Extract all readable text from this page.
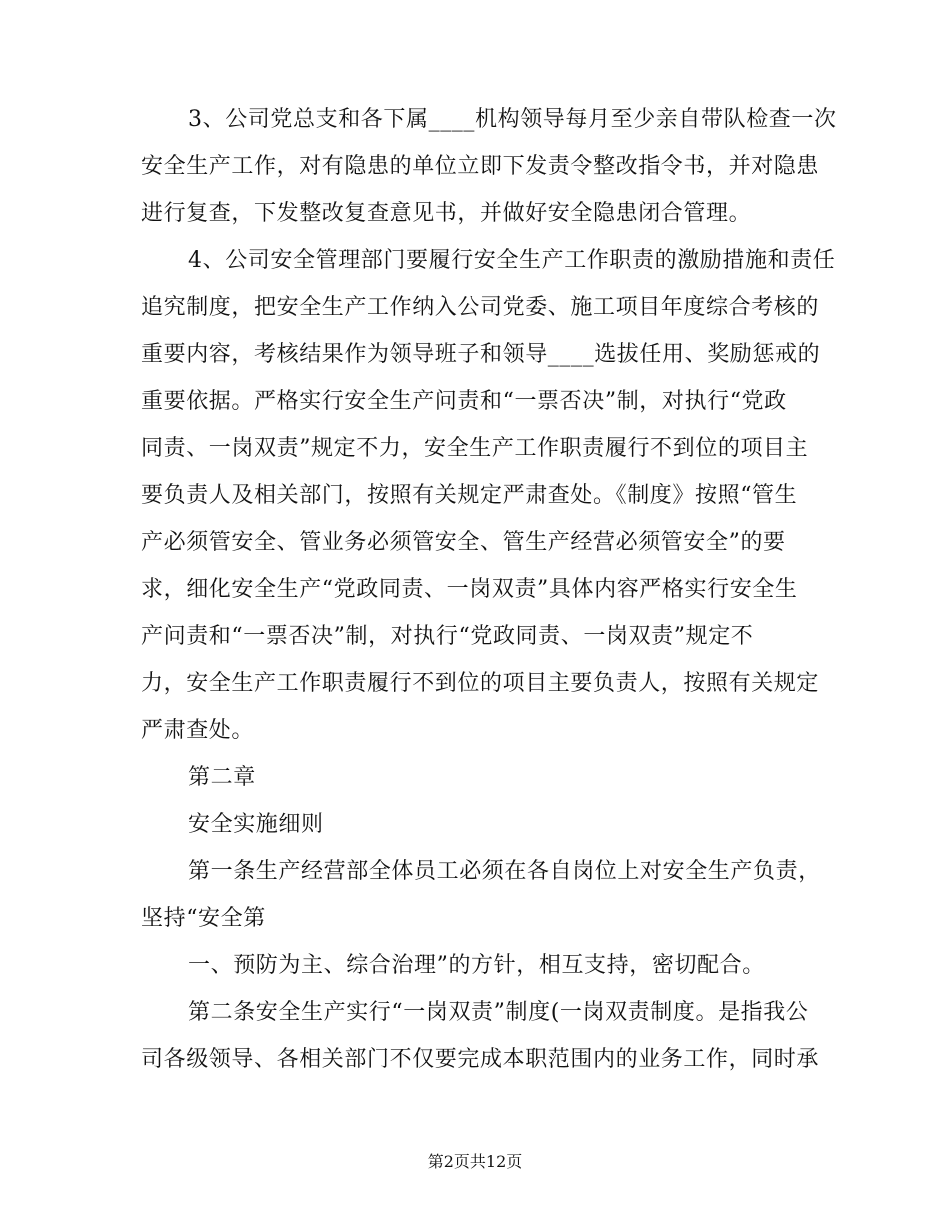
3、公司党总支和各下属____机构领导每月至少亲自带队检查一次
安全生产工作，对有隐患的单位立即下发责令整改指令书，并对隐患
进行复查，下发整改复查意见书，并做好安全隐患闭合管理。
4、公司安全管理部门要履行安全生产工作职责的激励措施和责任
追究制度，把安全生产工作纳入公司党委、施工项目年度综合考核的
重要内容，考核结果作为领导班子和领导____选拔任用、奖励惩戒的
重要依据。严格实行安全生产问责和“一票否决”制，对执行“党政
同责、一岗双责”规定不力，安全生产工作职责履行不到位的项目主
要负责人及相关部门，按照有关规定严肃查处。《制度》按照“管生
产必须管安全、管业务必须管安全、管生产经营必须管安全”的要
求，细化安全生产“党政同责、一岗双责”具体内容严格实行安全生
产问责和“一票否决”制，对执行“党政同责、一岗双责”规定不
力，安全生产工作职责履行不到位的项目主要负责人，按照有关规定
严肃查处。
第二章
安全实施细则
第一条生产经营部全体员工必须在各自岗位上对安全生产负责，
坚持“安全第
一、预防为主、综合治理”的方针，相互支持，密切配合。
第二条安全生产实行“一岗双责”制度(一岗双责制度。是指我公
司各级领导、各相关部门不仅要完成本职范围内的业务工作，同时承
第2页共12页
